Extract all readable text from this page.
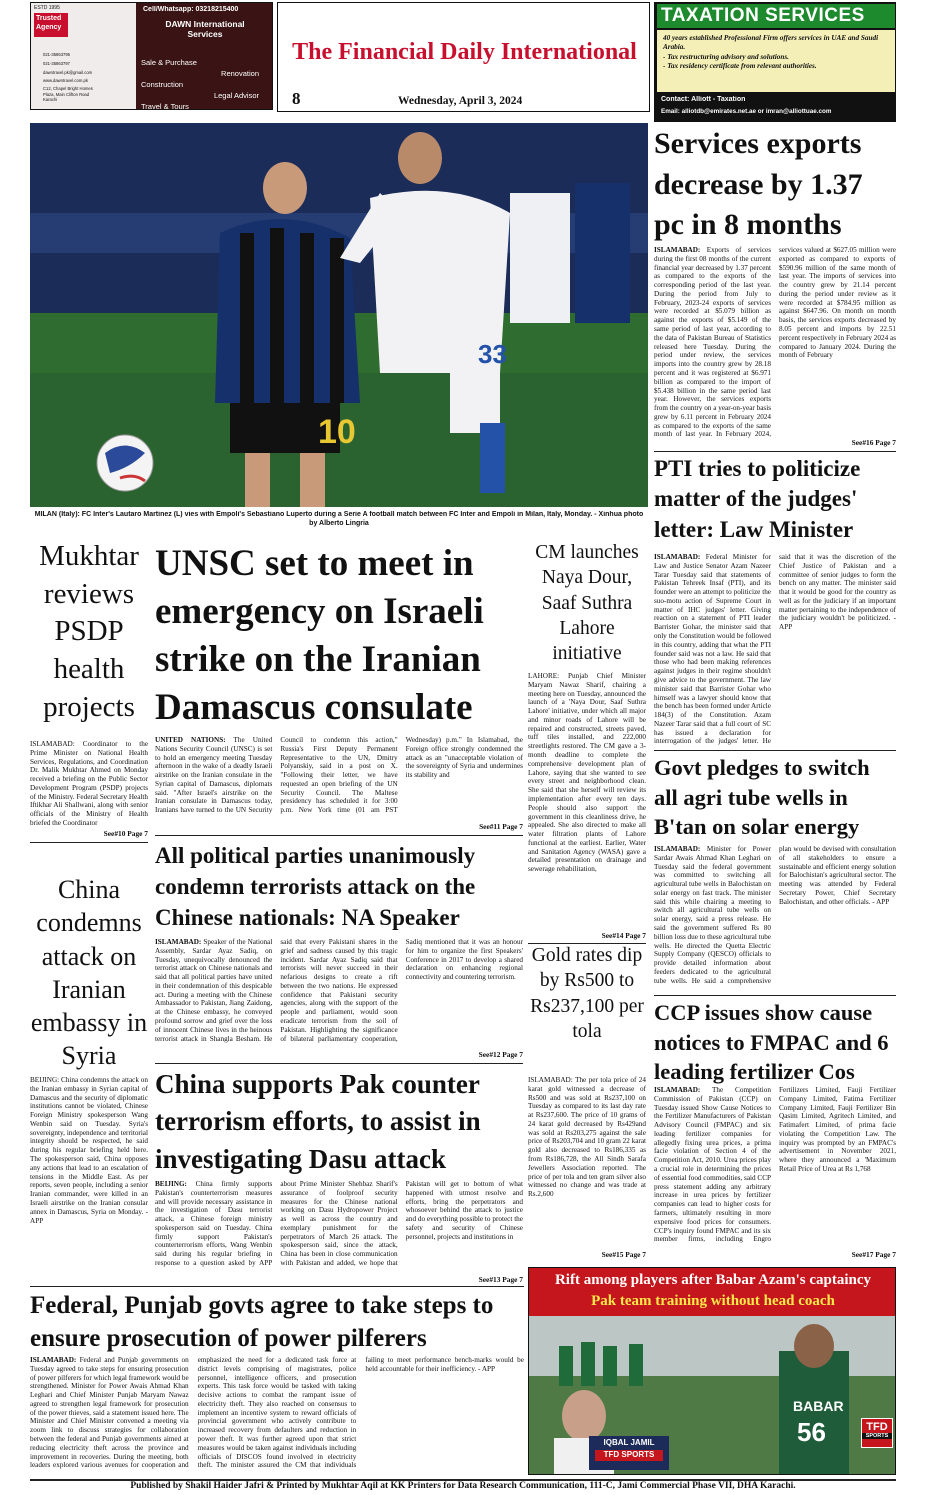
ESTD 1995
Trusted
Agency
021-35863795
021-35863797
dawntravel.pk@gmail.com
www.dawntravel.com.pk
C12, Chapel Bright Homes Plaza, Main Clifton Road Karachi
Cell/Whatsapp: 03218215400
DAWN International
Services
Sale & Purchase
Renovation
Construction
Legal Advisor
Travel & Tours
The Financial Daily International
8	Wednesday, April 3, 2024
TAXATION SERVICES
40 years established Professional Firm offers services in UAE and Saudi Arabia.
- Tax restructuring advisory and solutions.
- Tax residency certificate from relevant authorities.
Contact: Alliott - Taxation
Email: alliotdb@emirates.net.ae or imran@alliottuae.com
10
33
MILAN (Italy): FC Inter's Lautaro Martinez (L) vies with Empoli's Sebastiano Luperto during a Serie A football match between FC Inter and Empoli in Milan, Italy, Monday. - Xinhua photo by Alberto Lingria
Services exports decrease by 1.37 pc in 8 months
ISLAMABAD: Exports of services during the first 08 months of the current financial year decreased by 1.37 percent as compared to the exports of the corresponding period of the last year. During the period from July to February, 2023-24 exports of services were recorded at $5.079 billion as against the exports of $5.149 of the same period of last year, according to the data of Pakistan Bureau of Statistics released here Tuesday. During the period under review, the services imports into the country grew by 28.18 percent and it was registered at $6.971 billion as compared to the import of $5.438 billion in the same period last year. However, the services exports from the country on a year-on-year basis grew by 6.11 percent in February 2024 as compared to the exports of the same month of last year. In February 2024, services valued at $627.05 million were exported as compared to exports of $590.96 million of the same month of last year. The imports of services into the country grew by 21.14 percent during the period under review as it were recorded at $784.95 million as against $647.96. On month on month basis, the services exports decreased by 8.05 percent and imports by 22.51 percent respectively in February 2024 as compared to January 2024. During the month of February
See#16 Page 7
PTI tries to politicize matter of the judges' letter: Law Minister
ISLAMABAD: Federal Minister for Law and Justice Senator Azam Nazeer Tarar Tuesday said that statements of Pakistan Tehreek Insaf (PTI), and its founder were an attempt to politicize the suo-motu action of Supreme Court in matter of IHC judges' letter. Giving reaction on a statement of PTI leader Barrister Gohar, the minister said that only the Constitution would be followed in this country, adding that what the PTI founder said was not a law. He said that those who had been making references against judges in their regime shouldn't give advice to the government. The law minister said that Barrister Gohar who himself was a lawyer should know that the bench has been formed under Article 184(3) of the Constitution. Azam Nazeer Tarar said that a full court of SC has issued a declaration for interrogation of the judges' letter. He said that it was the discretion of the Chief Justice of Pakistan and a committee of senior judges to form the bench on any matter. The minister said that it would be good for the country as well as for the judiciary if an important matter pertaining to the independence of the judiciary wouldn't be politicized. - APP
Govt pledges to switch all agri tube wells in B'tan on solar energy
ISLAMABAD: Minister for Power Sardar Awais Ahmad Khan Leghari on Tuesday said the federal government was committed to switching all agricultural tube wells in Balochistan on solar energy on fast track. The minister said this while chairing a meeting to switch all agricultural tube wells on solar energy, said a press release. He said the government suffered Rs 80 billion loss due to these agricultural tube wells. He directed the Quetta Electric Supply Company (QESCO) officials to provide detailed information about feeders dedicated to the agricultural tube wells. He said a comprehensive plan would be devised with consultation of all stakeholders to ensure a sustainable and efficient energy solution for Balochistan's agricultural sector. The meeting was attended by Federal Secretary Power, Chief Secretary Balochistan, and other officials. - APP
CCP issues show cause notices to FMPAC and 6 leading fertilizer Cos
ISLAMABAD: The Competition Commission of Pakistan (CCP) on Tuesday issued Show Cause Notices to the Fertilizer Manufacturers of Pakistan Advisory Council (FMPAC) and six leading fertilizer companies for allegedly fixing urea prices, a prima facie violation of Section 4 of the Competition Act, 2010. Urea prices play a crucial role in determining the prices of essential food commodities, said CCP press statement adding any arbitrary increase in urea prices by fertilizer companies can lead to higher costs for farmers, ultimately resulting in more expensive food prices for consumers. CCP's inquiry found FMPAC and its six member firms, including Engro Fertilizers Limited, Fauji Fertilizer Company Limited, Fatima Fertilizer Company Limited, Fauji Fertilizer Bin Qasim Limited, Agritech Limited, and Fatimafert Limited, of prima facie violating the Competition Law. The inquiry was prompted by an FMPAC's advertisement in November 2021, where they announced a 'Maximum Retail Price of Urea at Rs 1,768
See#17 Page 7
Mukhtar reviews PSDP health projects
ISLAMABAD: Coordinator to the Prime Minister on National Health Services, Regulations, and Coordination Dr. Malik Mukhtar Ahmed on Monday received a briefing on the Public Sector Development Program (PSDP) projects of the Ministry. Federal Secretary Health Iftikhar Ali Shallwani, along with senior officials of the Ministry of Health briefed the Coordinator
See#10 Page 7
China condemns attack on Iranian embassy in Syria
BEIJING: China condemns the attack on the Iranian embassy in Syrian capital of Damascus and the security of diplomatic institutions cannot be violated, Chinese Foreign Ministry spokesperson Wang Wenbin said on Tuesday. Syria's sovereignty, independence and territorial integrity should be respected, he said during his regular briefing held here. The spokesperson said, China opposes any actions that lead to an escalation of tensions in the Middle East. As per reports, seven people, including a senior Iranian commander, were killed in an Israeli airstrike on the Iranian consular annex in Damascus, Syria on Monday. - APP
UNSC set to meet in emergency on Israeli strike on the Iranian Damascus consulate
UNITED NATIONS: The United Nations Security Council (UNSC) is set to hold an emergency meeting Tuesday afternoon in the wake of a deadly Israeli airstrike on the Iranian consulate in the Syrian capital of Damascus, diplomats said. "After Israel's airstrike on the Iranian consulate in Damascus today, Iranians have turned to the UN Security Council to condemn this action," Russia's First Deputy Permanent Representative to the UN, Dmitry Polyanskiy, said in a post on X. "Following their letter, we have requested an open briefing of the UN Security Council. The Maltese presidency has scheduled it for 3:00 p.m. New York time (01 am PST Wednesday) p.m." In Islamabad, the Foreign office strongly condemned the attack as an "unacceptable violation of the sovereignty of Syria and undermines its stability and
See#11 Page 7
All political parties unanimously condemn terrorists attack on the Chinese nationals: NA Speaker
ISLAMABAD: Speaker of the National Assembly, Sardar Ayaz Sadiq, on Tuesday, unequivocally denounced the terrorist attack on Chinese nationals and said that all political parties have united in their condemnation of this despicable act. During a meeting with the Chinese Ambassador to Pakistan, Jiang Zaidong, at the Chinese embassy, he conveyed profound sorrow and grief over the loss of innocent Chinese lives in the heinous terrorist attack in Shangla Besham. He said that every Pakistani shares in the grief and sadness caused by this tragic incident. Sardar Ayaz Sadiq said that terrorists will never succeed in their nefarious designs to create a rift between the two nations. He expressed confidence that Pakistani security agencies, along with the support of the people and parliament, would soon eradicate terrorism from the soil of Pakistan. Highlighting the significance of bilateral parliamentary cooperation, Sadiq mentioned that it was an honour for him to organize the first Speakers' Conference in 2017 to develop a shared declaration on enhancing regional connectivity and countering terrorism.
See#12 Page 7
China supports Pak counter terrorism efforts, to assist in investigating Dasu attack
BEIJING: China firmly supports Pakistan's counterterrorism measures and will provide necessary assistance in the investigation of Dasu terrorist attack, a Chinese foreign ministry spokesperson said on Tuesday. China firmly support Pakistan's counterterrorism efforts, Wang Wenbin said during his regular briefing in response to a question asked by APP about Prime Minister Shehbaz Sharif's assurance of foolproof security measures for the Chinese national working on Dasu Hydropower Project as well as across the country and exemplary punishment for the perpetrators of March 26 attack. The spokesperson said, since the attack, China has been in close communication with Pakistan and added, we hope that Pakistan will get to bottom of what happened with utmost resolve and efforts, bring the perpetrators and whosoever behind the attack to justice and do everything possible to protect the safety and security of Chinese personnel, projects and institutions in
See#13 Page 7
CM launches Naya Dour, Saaf Suthra Lahore initiative
LAHORE: Punjab Chief Minister Maryam Nawaz Sharif, chairing a meeting here on Tuesday, announced the launch of a 'Naya Dour, Saaf Suthra Lahore' initiative, under which all major and minor roads of Lahore will be repaired and constructed, streets paved, tuff tiles installed, and 222,000 streetlights restored. The CM gave a 3-month deadline to complete the comprehensive development plan of Lahore, saying that she wanted to see every street and neighborhood clean. She said that she herself will review its implementation after every ten days. People should also support the government in this cleanliness drive, he appealed. She also directed to make all water filtration plants of Lahore functional at the earliest. Earlier, Water and Sanitation Agency (WASA) gave a detailed presentation on drainage and sewerage rehabilitation,
See#14 Page 7
Gold rates dip by Rs500 to Rs237,100 per tola
ISLAMABAD: The per tola price of 24 karat gold witnessed a decrease of Rs500 and was sold at Rs237,100 on Tuesday as compared to its last day rate at Rs237,600. The price of 10 grams of 24 karat gold decreased by Rs429and was sold at Rs203,275 against the sale price of Rs203,704 and 10 gram 22 karat gold also decreased to Rs186,335 as from Rs186,728, the All Sindh Sarafa Jewellers Association reported. The price of per tola and ten gram silver also witnessed no change and was trade at Rs.2,600
See#15 Page 7
Federal, Punjab govts agree to take steps to ensure prosecution of power pilferers
ISLAMABAD: Federal and Punjab governments on Tuesday agreed to take steps for ensuring prosecution of power pilferers for which legal framework would be strengthened. Minister for Power Awais Ahmad Khan Leghari and Chief Minister Punjab Maryam Nawaz agreed to strengthen legal framework for prosecution of the power thieves, said a statement issued here. The Minister and Chief Minister convened a meeting via zoom link to discuss strategies for collaboration between the federal and Punjab governments aimed at reducing electricity theft across the province and improvement in recoveries. During the meeting, both leaders explored various avenues for cooperation and emphasized the need for a dedicated task force at district levels comprising of magistrates, police personnel, intelligence officers, and prosecution experts. This task force would be tasked with taking decisive actions to combat the rampant issue of electricity theft. They also reached on consensus to implement an incentive system to reward officials of provincial government who actively contribute to increased recovery from defaulters and reduction in power theft. It was further agreed upon that strict measures would be taken against individuals including officials of DISCOS found involved in electricity theft. The minister assured the CM that individuals failing to meet performance bench-marks would be held accountable for their inefficiency. - APP
Rift among players after Babar Azam's captaincy
Pak team training without head coach
BABAR
56
IQBAL JAMIL
TFD SPORTS
TFD
SPORTS
Published by Shakil Haider Jafri & Printed by Mukhtar Aqil at KK Printers for Data Research Communication, 111-C, Jami Commercial Phase VII, DHA Karachi.
